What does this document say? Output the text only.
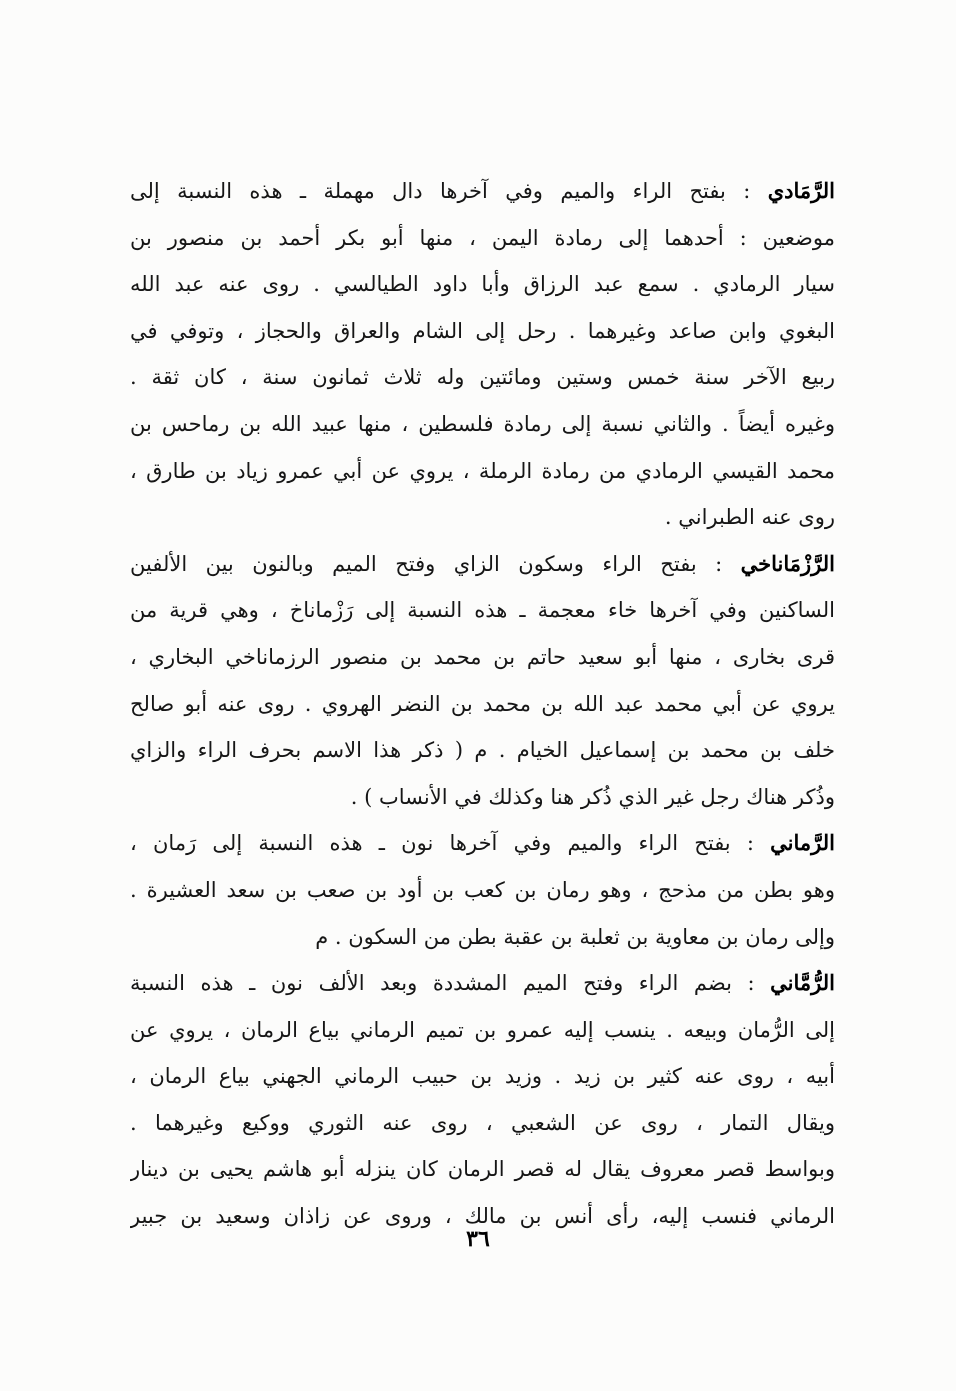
الرَّمَادي : بفتح الراء والميم وفي آخرها دال مهملة ـ هذه النسبة إلى
موضعين : أحدهما إلى رمادة اليمن ، منها أبو بكر أحمد بن منصور بن
سيار الرمادي . سمع عبد الرزاق وأبا داود الطيالسي . روى عنه عبد الله
البغوي وابن صاعد وغيرهما . رحل إلى الشام والعراق والحجاز ، وتوفي في
ربيع الآخر سنة خمس وستين ومائتين وله ثلاث ثمانون سنة ، كان ثقة .
وغيره أيضاً . والثاني نسبة إلى رمادة فلسطين ، منها عبيد الله بن رماحس بن
محمد القيسي الرمادي من رمادة الرملة ، يروي عن أبي عمرو زياد بن طارق ،
روى عنه الطبراني .
الرَّزْمَاناخي : بفتح الراء وسكون الزاي وفتح الميم وبالنون بين الألفين
الساكنين وفي آخرها خاء معجمة ـ هذه النسبة إلى رَزْماناخ ، وهي قرية من
قرى بخارى ، منها أبو سعيد حاتم بن محمد بن منصور الرزماناخي البخاري ،
يروي عن أبي محمد عبد الله بن محمد بن النضر الهروي . روى عنه أبو صالح
خلف بن محمد بن إسماعيل الخيام . م ( ذكر هذا الاسم بحرف الراء والزاي
وذُكر هناك رجل غير الذي ذُكر هنا وكذلك في الأنساب ) .
الرَّماني : بفتح الراء والميم وفي آخرها نون ـ هذه النسبة إلى رَمان ،
وهو بطن من مذحج ، وهو رمان بن كعب بن أود بن صعب بن سعد العشيرة .
وإلى رمان بن معاوية بن ثعلبة بن عقبة بطن من السكون . م
الرُّمَّاني : بضم الراء وفتح الميم المشددة وبعد الألف نون ـ هذه النسبة
إلى الرُّمان وبيعه . ينسب إليه عمرو بن تميم الرماني بياع الرمان ، يروي عن
أبيه ، روى عنه كثير بن زيد . وزيد بن حبيب الرماني الجهني بياع الرمان ،
ويقال التمار ، روى عن الشعبي ، روى عنه الثوري ووكيع وغيرهما .
وبواسط قصر معروف يقال له قصر الرمان كان ينزله أبو هاشم يحيى بن دينار
الرماني فنسب إليه، رأى أنس بن مالك ، وروى عن زاذان وسعيد بن جبير
٣٦
